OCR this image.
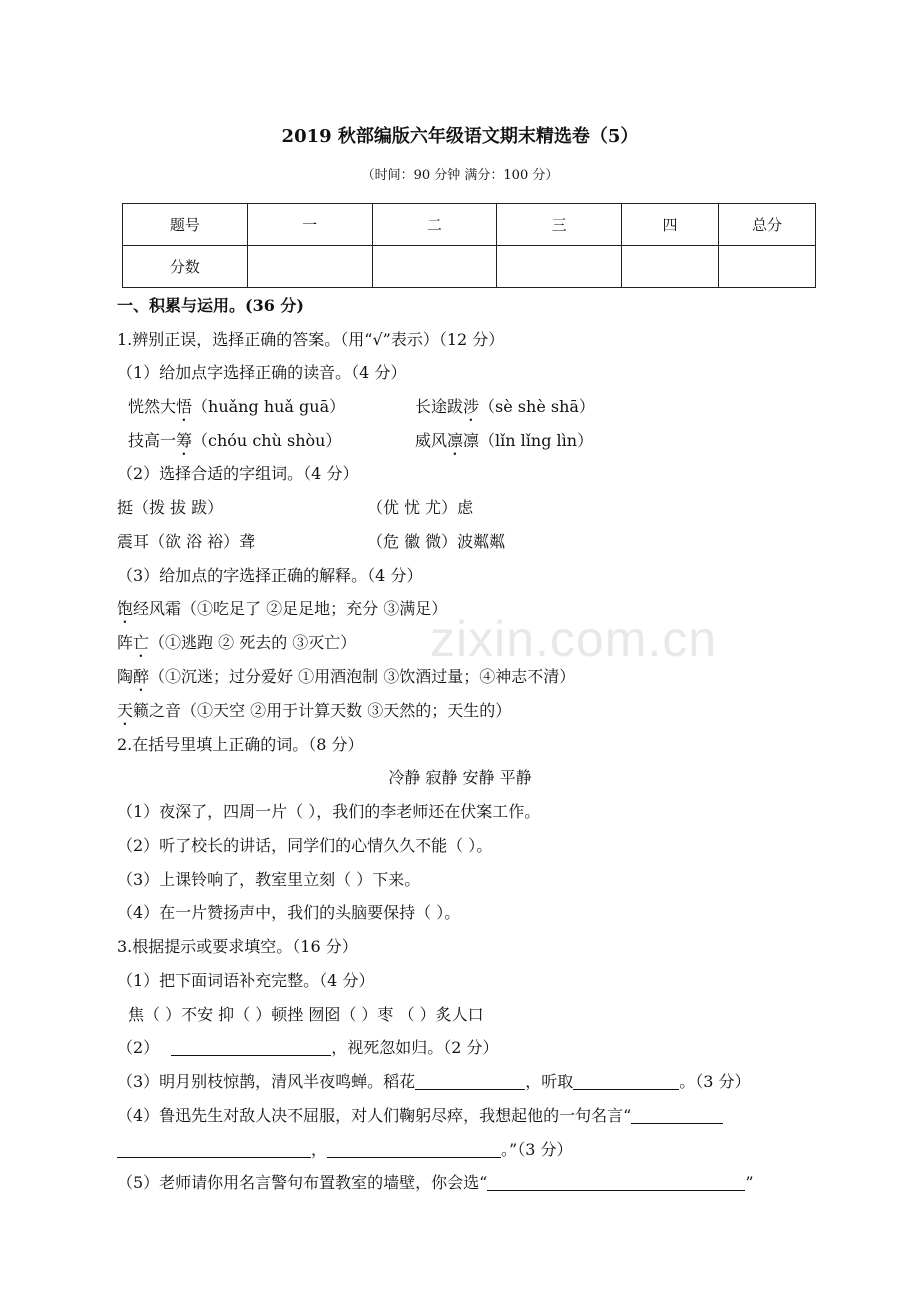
zixin.com.cn
2019 秋部编版六年级语文期末精选卷（5）
（时间：90 分钟 满分：100 分）
题号	一	二	三	四	总分
分数					
一、积累与运用。(36 分)
1.辨别正误，选择正确的答案。（用“√”表示）（12 分）
（1）给加点字选择正确的读音。（4 分）
恍然大悟（huǎng huǎ guā）	长途跋涉（sè shè shā）
技高一筹（chóu chù shòu）	威风凛凛（lǐn lǐng lìn）
（2）选择合适的字组词。（4 分）
挺（拨 拔 跋）	（优 忧 尤）虑
震耳（欲 浴 裕）聋	（危 徽 微）波粼粼
（3）给加点的字选择正确的解释。（4 分）
饱经风霜（①吃足了 ②足足地；充分 ③满足）
阵亡（①逃跑 ② 死去的 ③灭亡）
陶醉（①沉迷；过分爱好 ①用酒泡制 ③饮酒过量；④神志不清）
天籁之音（①天空 ②用于计算天数 ③天然的；天生的）
2.在括号里填上正确的词。（8 分）
冷静 寂静 安静 平静
（1）夜深了，四周一片（ ），我们的李老师还在伏案工作。
（2）听了校长的讲话，同学们的心情久久不能（ ）。
（3）上课铃响了，教室里立刻（ ）下来。
（4）在一片赞扬声中，我们的头脑要保持（ ）。
3.根据提示或要求填空。（16 分）
（1）把下面词语补充完整。（4 分）
焦（ ）不安 抑（ ）顿挫 囫囵（ ）枣 （ ）炙人口
（2）	，视死忽如归。（2 分）
（3）明月别枝惊鹊，清风半夜鸣蝉。稻花	，听取	。（3 分）
（4）鲁迅先生对敌人决不屈服，对人们鞠躬尽瘁，我想起他的一句名言“
，	。”（3 分）
（5）老师请你用名言警句布置教室的墙壁，你会选“	”
